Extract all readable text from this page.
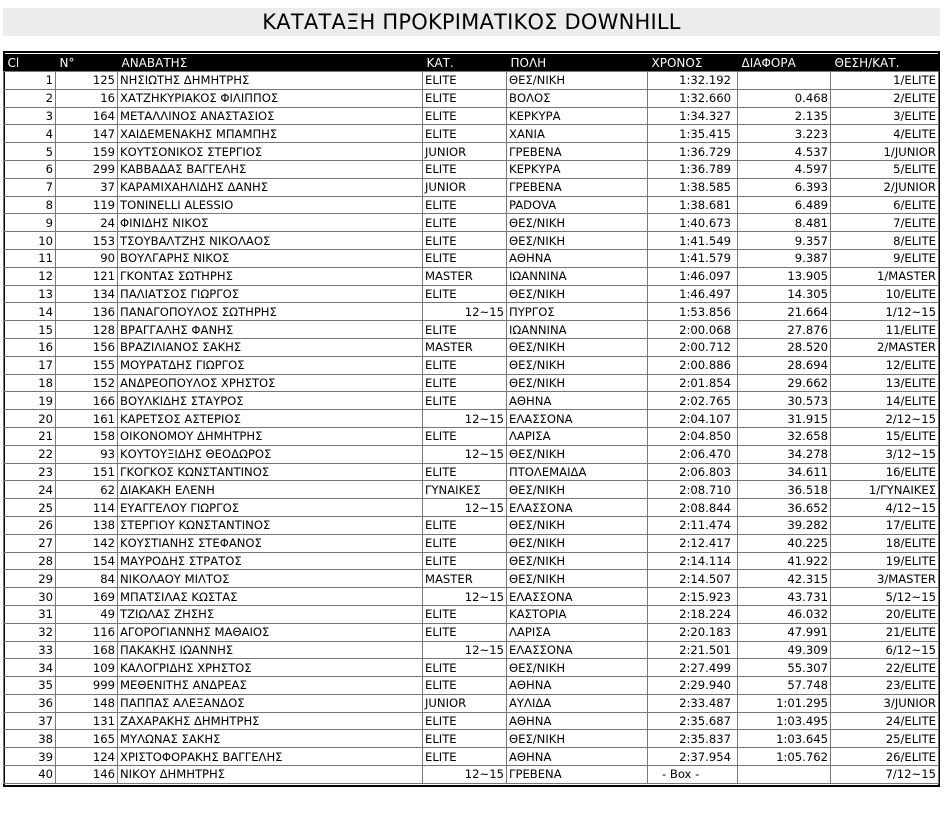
ΚΑΤΑΤΑΞΗ ΠΡΟΚΡΙΜΑΤΙΚΟΣ DOWNHILL
Cl	N°	ΑΝΑΒΑΤΗΣ	ΚΑΤ.	ΠΟΛΗ	ΧΡΟΝΟΣ	ΔΙΑΦΟΡΑ	ΘΕΣΗ/ΚΑΤ.
1	125	ΝΗΣΙΩΤΗΣ ΔΗΜΗΤΡΗΣ	ELITE	ΘΕΣ/ΝΙΚΗ	1:32.192		1/ELITE
2	16	ΧΑΤΖΗΚΥΡΙΑΚΟΣ ΦΙΛΙΠΠΟΣ	ELITE	ΒΟΛΟΣ	1:32.660	0.468	2/ELITE
3	164	ΜΕΤΑΛΛΙΝΟΣ ΑΝΑΣΤΑΣΙΟΣ	ELITE	ΚΕΡΚΥΡΑ	1:34.327	2.135	3/ELITE
4	147	ΧΑΙΔΕΜΕΝΑΚΗΣ ΜΠΑΜΠΗΣ	ELITE	ΧΑΝΙΑ	1:35.415	3.223	4/ELITE
5	159	ΚΟΥΤΣΟΝΙΚΟΣ ΣΤΕΡΓΙΟΣ	JUNIOR	ΓΡΕΒΕΝΑ	1:36.729	4.537	1/JUNIOR
6	299	ΚΑΒΒΑΔΑΣ ΒΑΓΓΕΛΗΣ	ELITE	ΚΕΡΚΥΡΑ	1:36.789	4.597	5/ELITE
7	37	ΚΑΡΑΜΙΧΑΗΛΙΔΗΣ ΔΑΝΗΣ	JUNIOR	ΓΡΕΒΕΝΑ	1:38.585	6.393	2/JUNIOR
8	119	TONINELLI ALESSIO	ELITE	PADOVA	1:38.681	6.489	6/ELITE
9	24	ΦΙΝΙΔΗΣ ΝΙΚΟΣ	ELITE	ΘΕΣ/ΝΙΚΗ	1:40.673	8.481	7/ELITE
10	153	ΤΣΟΥΒΑΛΤΖΗΣ ΝΙΚΟΛΑΟΣ	ELITE	ΘΕΣ/ΝΙΚΗ	1:41.549	9.357	8/ELITE
11	90	ΒΟΥΛΓΑΡΗΣ ΝΙΚΟΣ	ELITE	ΑΘΗΝΑ	1:41.579	9.387	9/ELITE
12	121	ΓΚΟΝΤΑΣ ΣΩΤΗΡΗΣ	MASTER	ΙΩΑΝΝΙΝΑ	1:46.097	13.905	1/MASTER
13	134	ΠΑΛΙΑΤΣΟΣ ΓΙΩΡΓΟΣ	ELITE	ΘΕΣ/ΝΙΚΗ	1:46.497	14.305	10/ELITE
14	136	ΠΑΝΑΓΟΠΟΥΛΟΣ ΣΩΤΗΡΗΣ	12~15	ΠΥΡΓΟΣ	1:53.856	21.664	1/12~15
15	128	ΒΡΑΓΓΑΛΗΣ ΦΑΝΗΣ	ELITE	ΙΩΑΝΝΙΝΑ	2:00.068	27.876	11/ELITE
16	156	ΒΡΑΖΙΛΙΑΝΟΣ ΣΑΚΗΣ	MASTER	ΘΕΣ/ΝΙΚΗ	2:00.712	28.520	2/MASTER
17	155	ΜΟΥΡΑΤΔΗΣ ΓΙΩΡΓΟΣ	ELITE	ΘΕΣ/ΝΙΚΗ	2:00.886	28.694	12/ELITE
18	152	ΑΝΔΡΕΟΠΟΥΛΟΣ ΧΡΗΣΤΟΣ	ELITE	ΘΕΣ/ΝΙΚΗ	2:01.854	29.662	13/ELITE
19	166	ΒΟΥΛΚΙΔΗΣ ΣΤΑΥΡΟΣ	ELITE	ΑΘΗΝΑ	2:02.765	30.573	14/ELITE
20	161	ΚΑΡΕΤΣΟΣ ΑΣΤΕΡΙΟΣ	12~15	ΕΛΑΣΣΟΝΑ	2:04.107	31.915	2/12~15
21	158	ΟΙΚΟΝΟΜΟΥ ΔΗΜΗΤΡΗΣ	ELITE	ΛΑΡΙΣΑ	2:04.850	32.658	15/ELITE
22	93	ΚΟΥΤΟΥΞΙΔΗΣ ΘΕΟΔΩΡΟΣ	12~15	ΘΕΣ/ΝΙΚΗ	2:06.470	34.278	3/12~15
23	151	ΓΚΟΓΚΟΣ ΚΩΝΣΤΑΝΤΙΝΟΣ	ELITE	ΠΤΟΛΕΜΑΙΔΑ	2:06.803	34.611	16/ELITE
24	62	ΔΙΑΚΑΚΗ ΕΛΕΝΗ	ΓΥΝΑΙΚΕΣ	ΘΕΣ/ΝΙΚΗ	2:08.710	36.518	1/ΓΥΝΑΙΚΕΣ
25	114	ΕΥΑΓΓΕΛΟΥ ΓΙΩΡΓΟΣ	12~15	ΕΛΑΣΣΟΝΑ	2:08.844	36.652	4/12~15
26	138	ΣΤΕΡΓΙΟΥ ΚΩΝΣΤΑΝΤΙΝΟΣ	ELITE	ΘΕΣ/ΝΙΚΗ	2:11.474	39.282	17/ELITE
27	142	ΚΟΥΣΤΙΑΝΗΣ ΣΤΕΦΑΝΟΣ	ELITE	ΘΕΣ/ΝΙΚΗ	2:12.417	40.225	18/ELITE
28	154	ΜΑΥΡΟΔΗΣ ΣΤΡΑΤΟΣ	ELITE	ΘΕΣ/ΝΙΚΗ	2:14.114	41.922	19/ELITE
29	84	ΝΙΚΟΛΑΟΥ ΜΙΛΤΟΣ	MASTER	ΘΕΣ/ΝΙΚΗ	2:14.507	42.315	3/MASTER
30	169	ΜΠΑΤΣΙΛΑΣ ΚΩΣΤΑΣ	12~15	ΕΛΑΣΣΟΝΑ	2:15.923	43.731	5/12~15
31	49	ΤΖΙΩΛΑΣ ΖΗΣΗΣ	ELITE	ΚΑΣΤΟΡΙΑ	2:18.224	46.032	20/ELITE
32	116	ΑΓΟΡΟΓΙΑΝΝΗΣ ΜΑΘΑΙΟΣ	ELITE	ΛΑΡΙΣΑ	2:20.183	47.991	21/ELITE
33	168	ΠΑΚΑΚΗΣ ΙΩΑΝΝΗΣ	12~15	ΕΛΑΣΣΟΝΑ	2:21.501	49.309	6/12~15
34	109	ΚΑΛΟΓΡΙΔΗΣ ΧΡΗΣΤΟΣ	ELITE	ΘΕΣ/ΝΙΚΗ	2:27.499	55.307	22/ELITE
35	999	ΜΕΘΕΝΙΤΗΣ ΑΝΔΡΕΑΣ	ELITE	ΑΘΗΝΑ	2:29.940	57.748	23/ELITE
36	148	ΠΑΠΠΑΣ ΑΛΕΞΑΝΔΟΣ	JUNIOR	ΑΥΛΙΔΑ	2:33.487	1:01.295	3/JUNIOR
37	131	ΖΑΧΑΡΑΚΗΣ ΔΗΜΗΤΡΗΣ	ELITE	ΑΘΗΝΑ	2:35.687	1:03.495	24/ELITE
38	165	ΜΥΛΩΝΑΣ ΣΑΚΗΣ	ELITE	ΘΕΣ/ΝΙΚΗ	2:35.837	1:03.645	25/ELITE
39	124	ΧΡΙΣΤΟΦΟΡΑΚΗΣ ΒΑΓΓΕΛΗΣ	ELITE	ΑΘΗΝΑ	2:37.954	1:05.762	26/ELITE
40	146	ΝΙΚΟΥ ΔΗΜΗΤΡΗΣ	12~15	ΓΡΕΒΕΝΑ	- Box -		7/12~15
